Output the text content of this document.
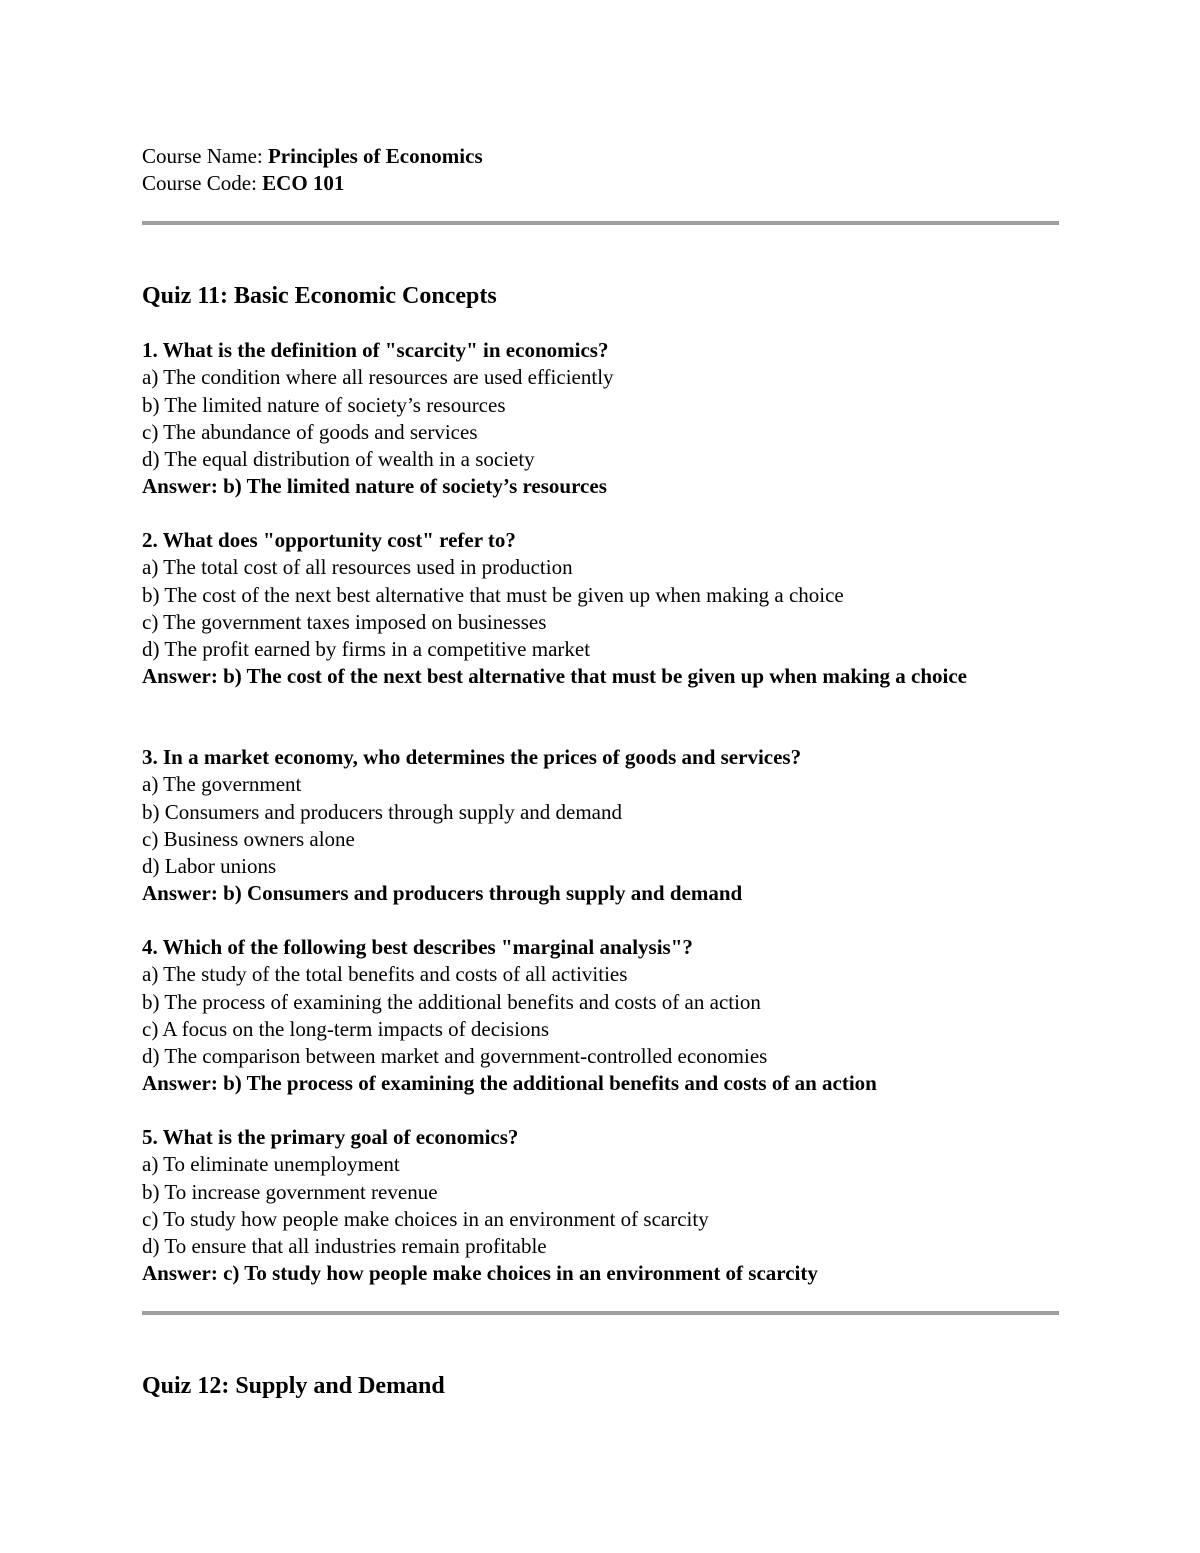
Course Name: Principles of Economics
Course Code: ECO 101
Quiz 11: Basic Economic Concepts
1. What is the definition of "scarcity" in economics?
a) The condition where all resources are used efficiently
b) The limited nature of society’s resources
c) The abundance of goods and services
d) The equal distribution of wealth in a society
Answer: b) The limited nature of society’s resources
2. What does "opportunity cost" refer to?
a) The total cost of all resources used in production
b) The cost of the next best alternative that must be given up when making a choice
c) The government taxes imposed on businesses
d) The profit earned by firms in a competitive market
Answer: b) The cost of the next best alternative that must be given up when making a choice
3. In a market economy, who determines the prices of goods and services?
a) The government
b) Consumers and producers through supply and demand
c) Business owners alone
d) Labor unions
Answer: b) Consumers and producers through supply and demand
4. Which of the following best describes "marginal analysis"?
a) The study of the total benefits and costs of all activities
b) The process of examining the additional benefits and costs of an action
c) A focus on the long-term impacts of decisions
d) The comparison between market and government-controlled economies
Answer: b) The process of examining the additional benefits and costs of an action
5. What is the primary goal of economics?
a) To eliminate unemployment
b) To increase government revenue
c) To study how people make choices in an environment of scarcity
d) To ensure that all industries remain profitable
Answer: c) To study how people make choices in an environment of scarcity
Quiz 12: Supply and Demand
